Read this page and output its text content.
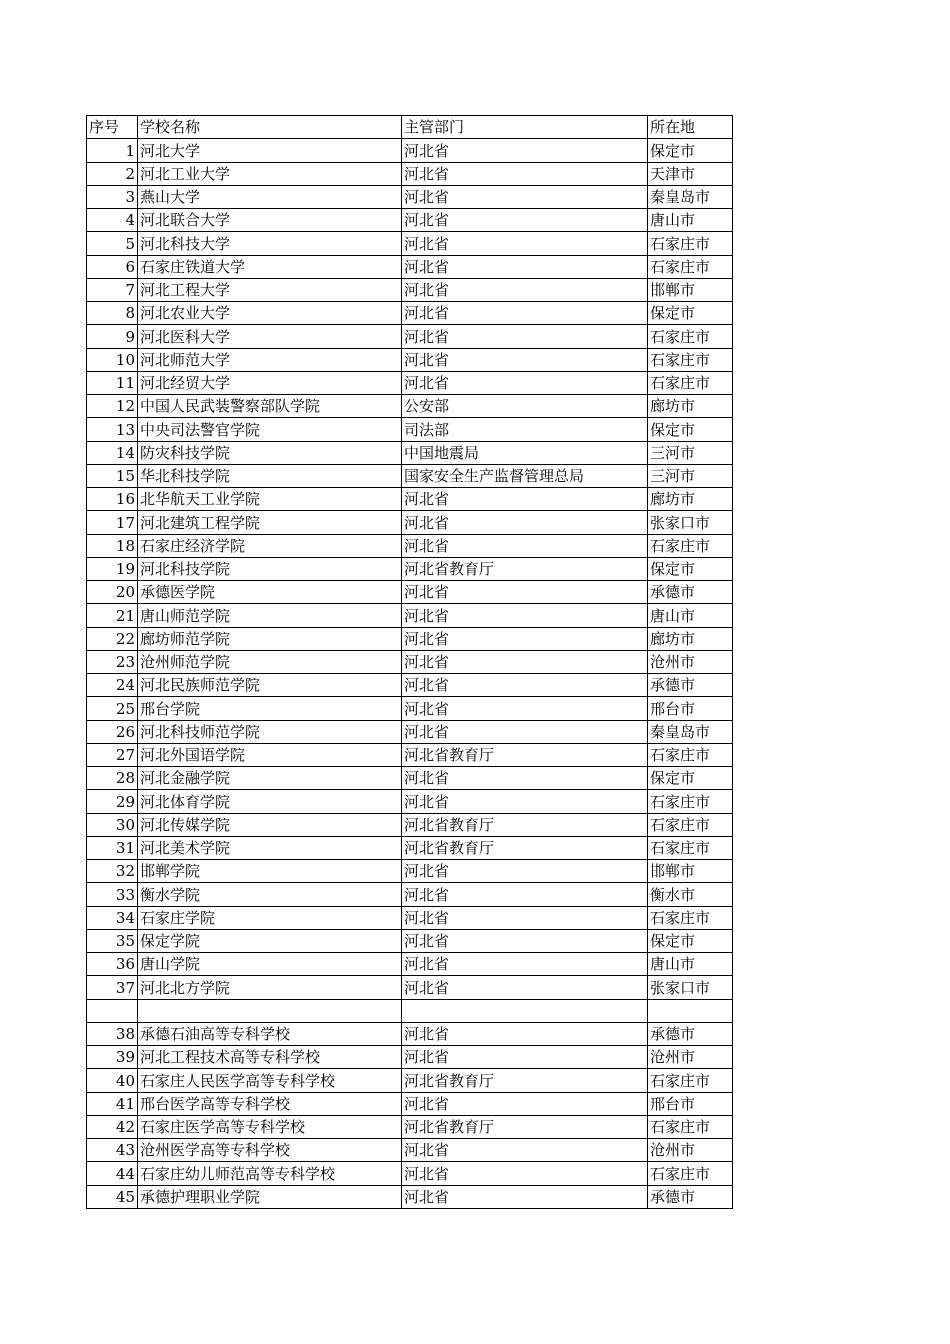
序号	学校名称	主管部门	所在地
1	河北大学	河北省	保定市
2	河北工业大学	河北省	天津市
3	燕山大学	河北省	秦皇岛市
4	河北联合大学	河北省	唐山市
5	河北科技大学	河北省	石家庄市
6	石家庄铁道大学	河北省	石家庄市
7	河北工程大学	河北省	邯郸市
8	河北农业大学	河北省	保定市
9	河北医科大学	河北省	石家庄市
10	河北师范大学	河北省	石家庄市
11	河北经贸大学	河北省	石家庄市
12	中国人民武装警察部队学院	公安部	廊坊市
13	中央司法警官学院	司法部	保定市
14	防灾科技学院	中国地震局	三河市
15	华北科技学院	国家安全生产监督管理总局	三河市
16	北华航天工业学院	河北省	廊坊市
17	河北建筑工程学院	河北省	张家口市
18	石家庄经济学院	河北省	石家庄市
19	河北科技学院	河北省教育厅	保定市
20	承德医学院	河北省	承德市
21	唐山师范学院	河北省	唐山市
22	廊坊师范学院	河北省	廊坊市
23	沧州师范学院	河北省	沧州市
24	河北民族师范学院	河北省	承德市
25	邢台学院	河北省	邢台市
26	河北科技师范学院	河北省	秦皇岛市
27	河北外国语学院	河北省教育厅	石家庄市
28	河北金融学院	河北省	保定市
29	河北体育学院	河北省	石家庄市
30	河北传媒学院	河北省教育厅	石家庄市
31	河北美术学院	河北省教育厅	石家庄市
32	邯郸学院	河北省	邯郸市
33	衡水学院	河北省	衡水市
34	石家庄学院	河北省	石家庄市
35	保定学院	河北省	保定市
36	唐山学院	河北省	唐山市
37	河北北方学院	河北省	张家口市

38	承德石油高等专科学校	河北省	承德市
39	河北工程技术高等专科学校	河北省	沧州市
40	石家庄人民医学高等专科学校	河北省教育厅	石家庄市
41	邢台医学高等专科学校	河北省	邢台市
42	石家庄医学高等专科学校	河北省教育厅	石家庄市
43	沧州医学高等专科学校	河北省	沧州市
44	石家庄幼儿师范高等专科学校	河北省	石家庄市
45	承德护理职业学院	河北省	承德市
